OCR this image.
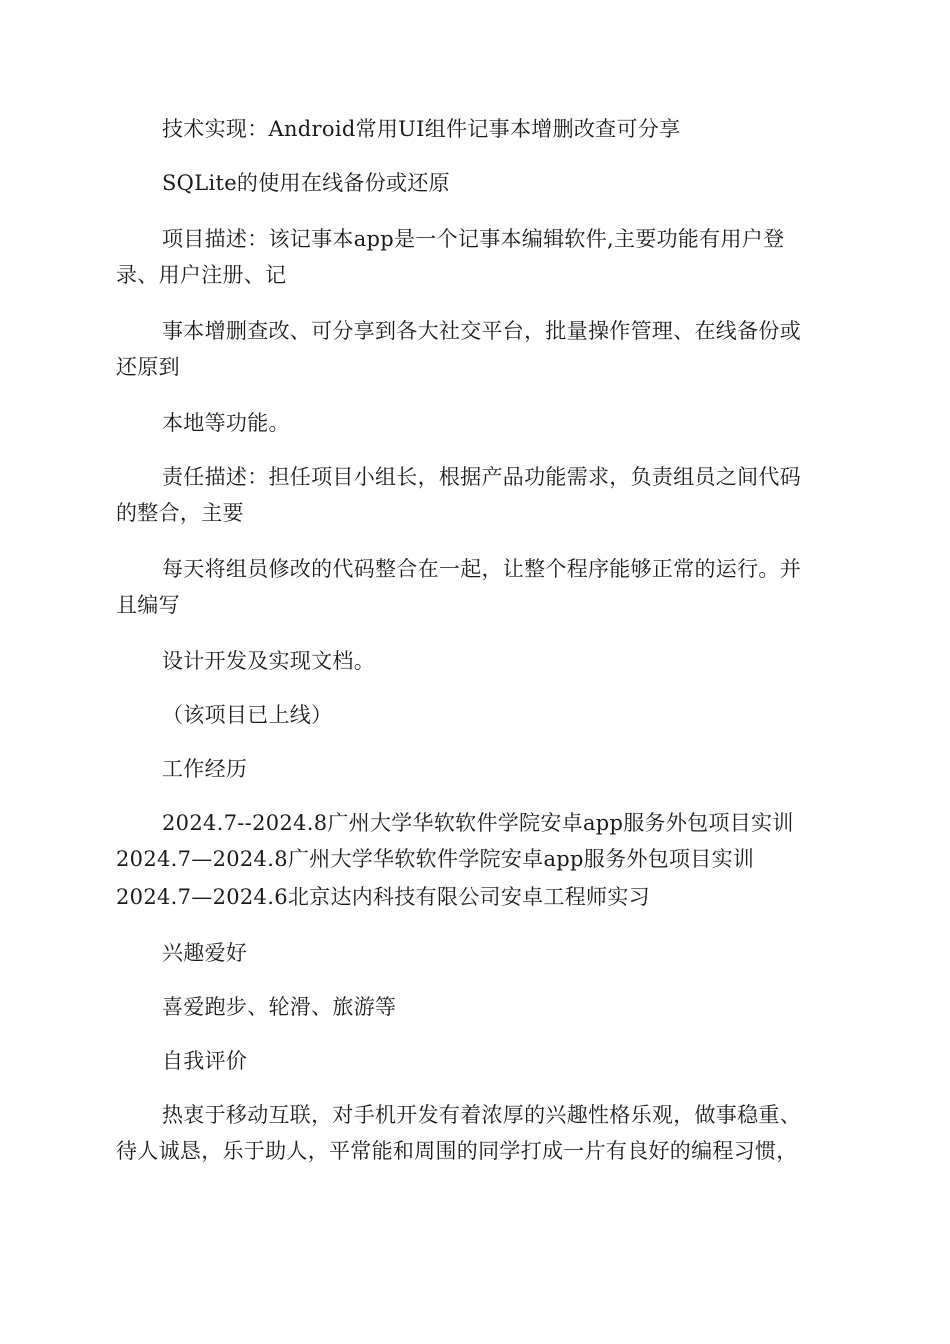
技术实现：Android常用UI组件记事本增删改查可分享
SQLite的使用在线备份或还原
项目描述：该记事本app是一个记事本编辑软件,主要功能有用户登
录、用户注册、记
事本增删查改、可分享到各大社交平台，批量操作管理、在线备份或
还原到
本地等功能。
责任描述：担任项目小组长，根据产品功能需求，负责组员之间代码
的整合，主要
每天将组员修改的代码整合在一起，让整个程序能够正常的运行。并
且编写
设计开发及实现文档。
（该项目已上线）
工作经历
2024.7--2024.8广州大学华软软件学院安卓app服务外包项目实训
2024.7—2024.8广州大学华软软件学院安卓app服务外包项目实训
2024.7—2024.6北京达内科技有限公司安卓工程师实习
兴趣爱好
喜爱跑步、轮滑、旅游等
自我评价
热衷于移动互联，对手机开发有着浓厚的兴趣性格乐观，做事稳重、
待人诚恳，乐于助人，平常能和周围的同学打成一片有良好的编程习惯，
